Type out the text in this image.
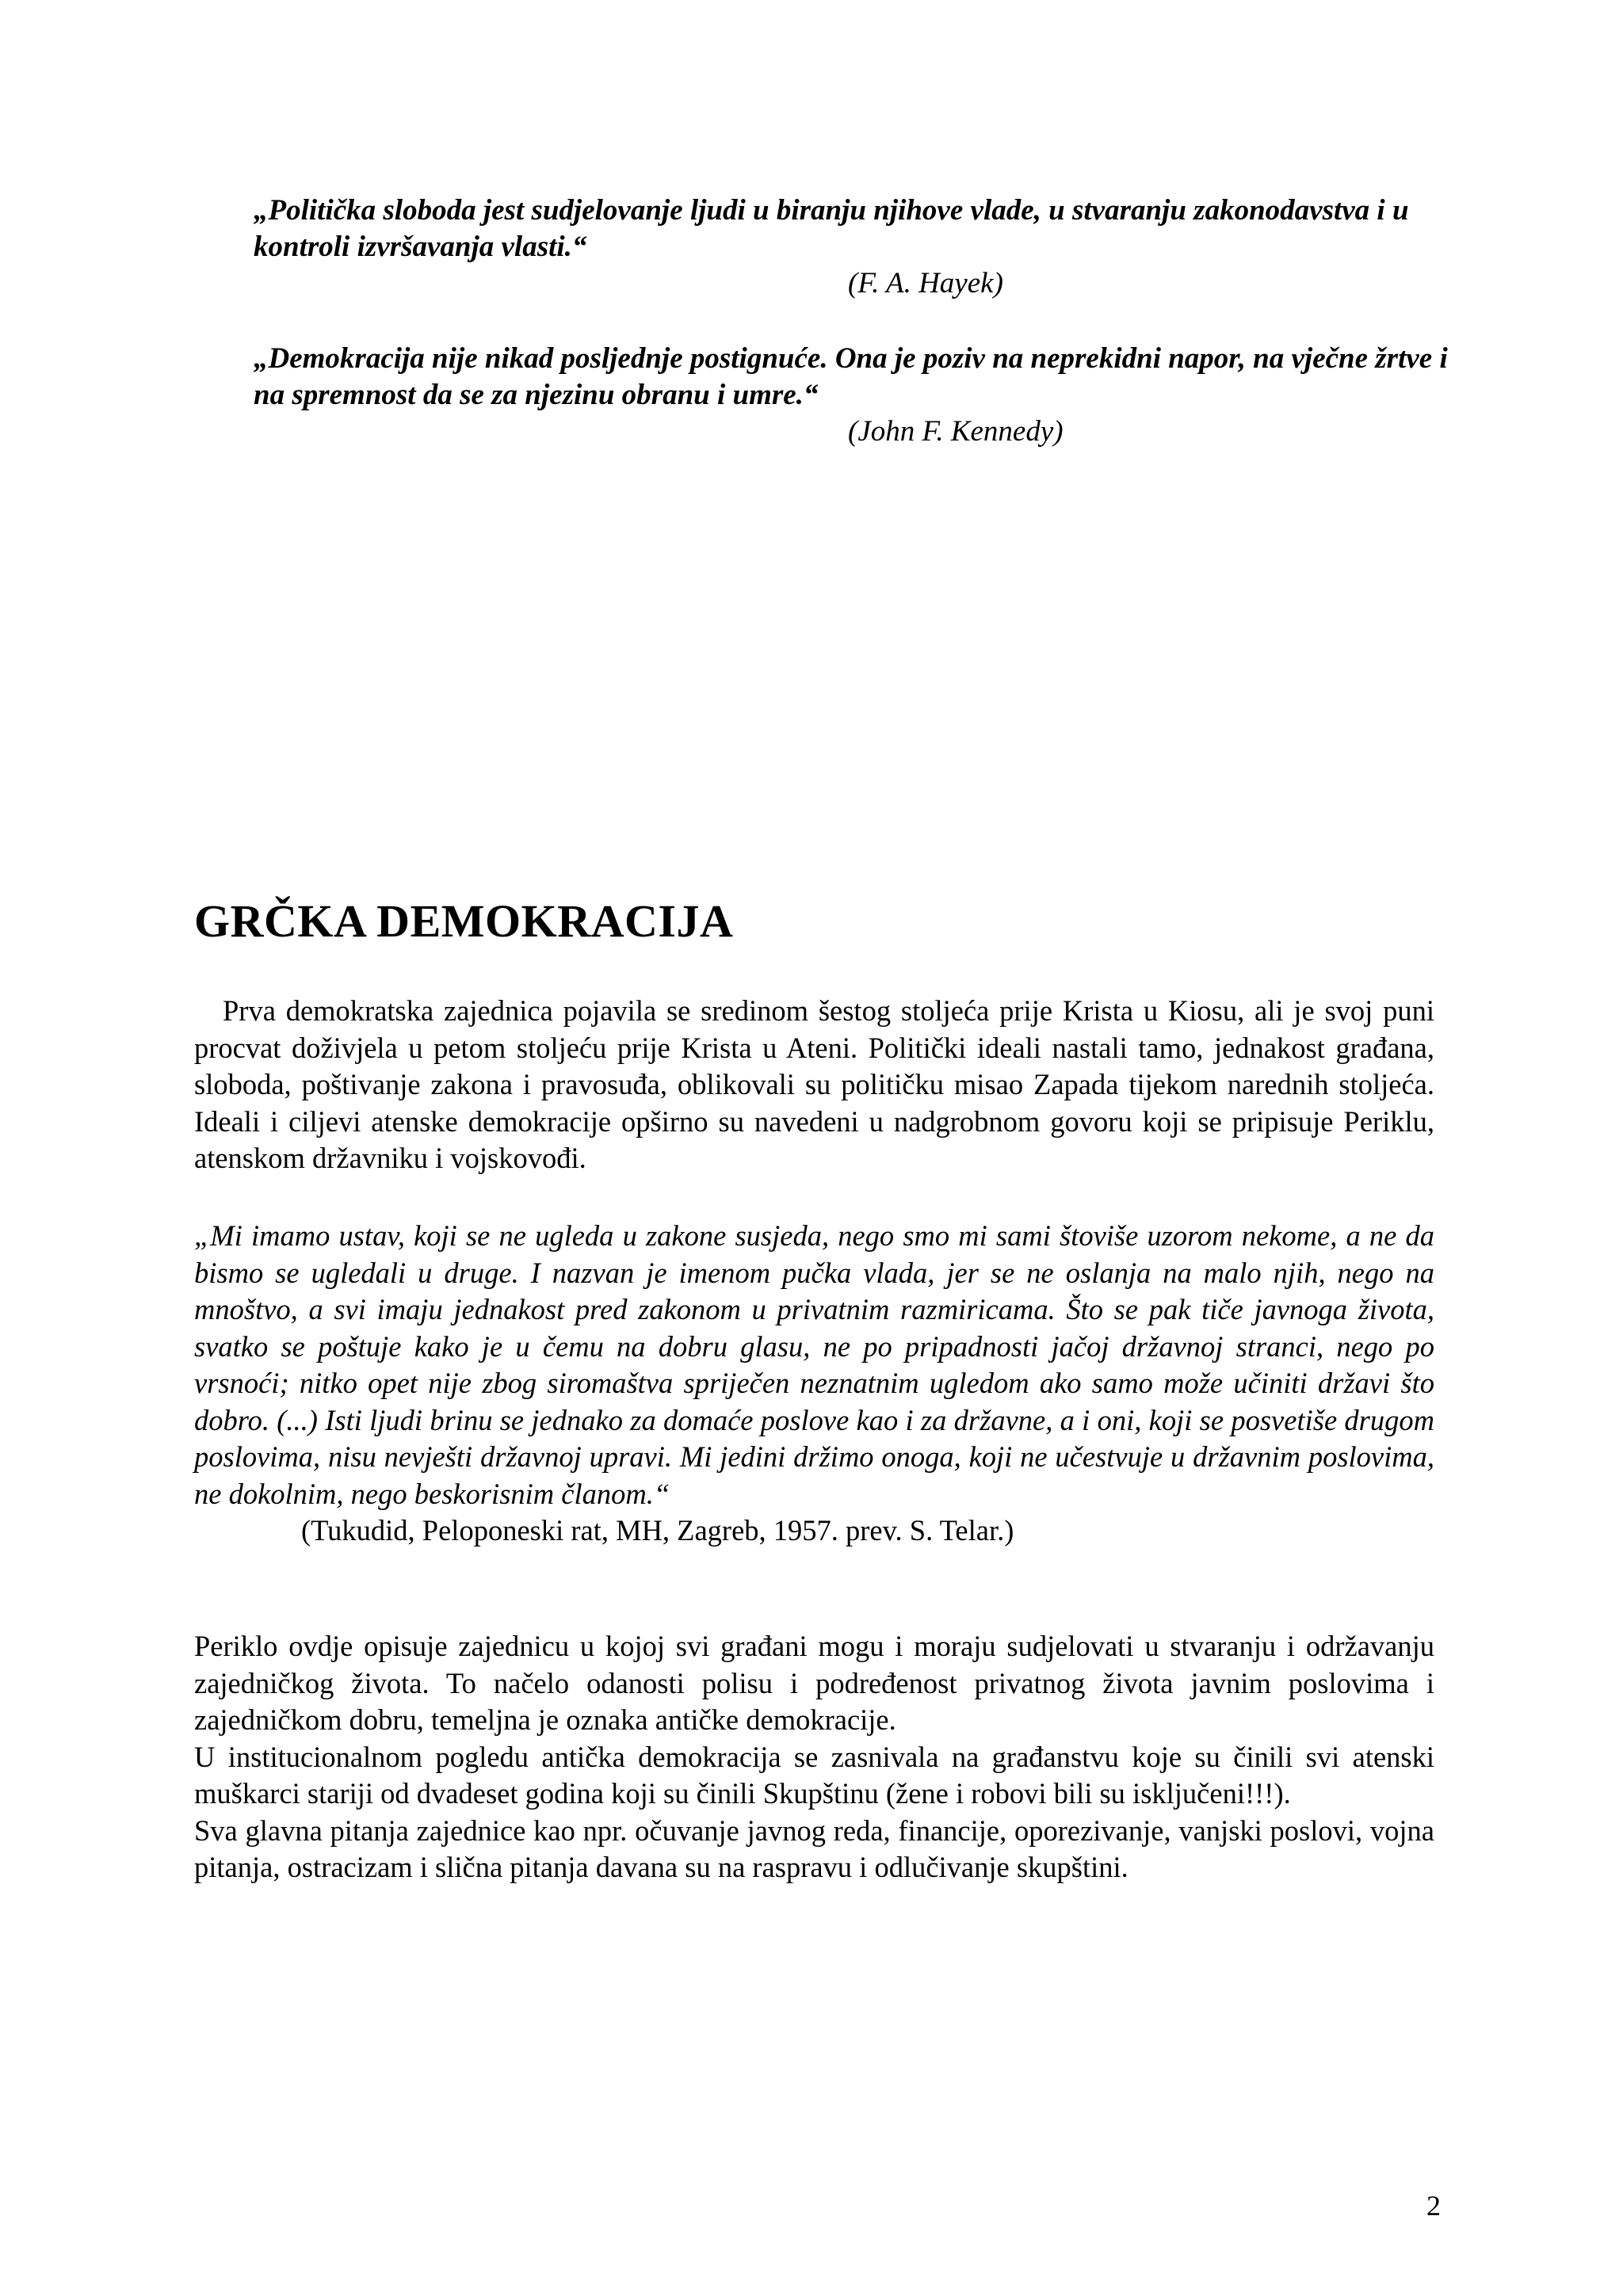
„Politička sloboda jest sudjelovanje ljudi u biranju njihove vlade, u stvaranju zakonodavstva i u kontroli izvršavanja vlasti.“

(F. A. Hayek)

„Demokracija nije nikad posljednje postignuće. Ona je poziv na neprekidni napor, na vječne žrtve i na spremnost da se za njezinu obranu i umre.“

(John F. Kennedy)

GRČKA DEMOKRACIJA

Prva demokratska zajednica pojavila se sredinom šestog stoljeća prije Krista u Kiosu, ali je svoj puni procvat doživjela u petom stoljeću prije Krista u Ateni. Politički ideali nastali tamo, jednakost građana, sloboda, poštivanje zakona i pravosuđa, oblikovali su političku misao Zapada tijekom narednih stoljeća. Ideali i ciljevi atenske demokracije opširno su navedeni u nadgrobnom govoru koji se pripisuje Periklu, atenskom državniku i vojskovođi.

„Mi imamo ustav, koji se ne ugleda u zakone susjeda, nego smo mi sami štoviše uzorom nekome, a ne da bismo se ugledali u druge. I nazvan je imenom pučka vlada, jer se ne oslanja na malo njih, nego na mnoštvo, a svi imaju jednakost pred zakonom u privatnim razmiricama. Što se pak tiče javnoga života, svatko se poštuje kako je u čemu na dobru glasu, ne po pripadnosti jačoj državnoj stranci, nego po vrsnoći; nitko opet nije zbog siromaštva spriječen neznatnim ugledom ako samo može učiniti državi što dobro. (...) Isti ljudi brinu se jednako za domaće poslove kao i za državne, a i oni, koji se posvetiše drugom poslovima, nisu nevješti državnoj upravi. Mi jedini držimo onoga, koji ne učestvuje u državnim poslovima, ne dokolnim, nego beskorisnim članom.“

(Tukudid, Peloponeski rat, MH, Zagreb, 1957. prev. S. Telar.)

Periklo ovdje opisuje zajednicu u kojoj svi građani mogu i moraju sudjelovati u stvaranju i održavanju zajedničkog života. To načelo odanosti polisu i podređenost privatnog života javnim poslovima i zajedničkom dobru, temeljna je oznaka antičke demokracije.

U institucionalnom pogledu antička demokracija se zasnivala na građanstvu koje su činili svi atenski muškarci stariji od dvadeset godina koji su činili Skupštinu (žene i robovi bili su isključeni!!!).

Sva glavna pitanja zajednice kao npr. očuvanje javnog reda, financije, oporezivanje, vanjski poslovi, vojna pitanja, ostracizam i slična pitanja davana su na raspravu i odlučivanje skupštini.

2
